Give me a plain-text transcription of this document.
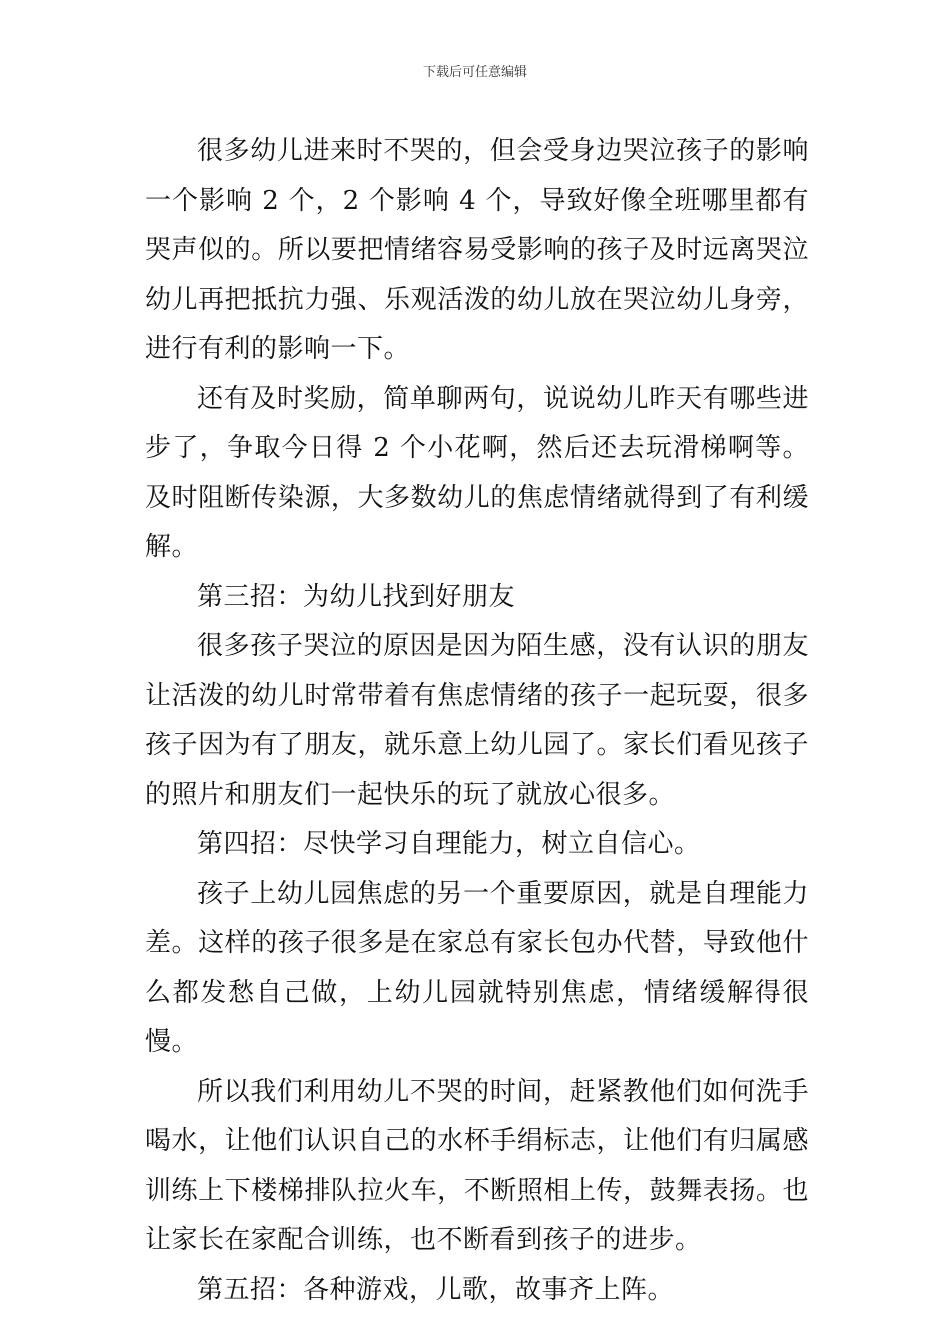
下载后可任意编辑

很多幼儿进来时不哭的，但会受身边哭泣孩子的影响一个影响 2 个，2 个影响 4 个，导致好像全班哪里都有哭声似的。所以要把情绪容易受影响的孩子及时远离哭泣幼儿再把抵抗力强、乐观活泼的幼儿放在哭泣幼儿身旁，进行有利的影响一下。

还有及时奖励，简单聊两句，说说幼儿昨天有哪些进步了，争取今日得 2 个小花啊，然后还去玩滑梯啊等。及时阻断传染源，大多数幼儿的焦虑情绪就得到了有利缓解。

第三招：为幼儿找到好朋友

很多孩子哭泣的原因是因为陌生感，没有认识的朋友让活泼的幼儿时常带着有焦虑情绪的孩子一起玩耍，很多孩子因为有了朋友，就乐意上幼儿园了。家长们看见孩子的照片和朋友们一起快乐的玩了就放心很多。

第四招：尽快学习自理能力，树立自信心。

孩子上幼儿园焦虑的另一个重要原因，就是自理能力差。这样的孩子很多是在家总有家长包办代替，导致他什么都发愁自己做，上幼儿园就特别焦虑，情绪缓解得很慢。

所以我们利用幼儿不哭的时间，赶紧教他们如何洗手喝水，让他们认识自己的水杯手绢标志，让他们有归属感训练上下楼梯排队拉火车，不断照相上传，鼓舞表扬。也让家长在家配合训练，也不断看到孩子的进步。

第五招：各种游戏，儿歌，故事齐上阵。
